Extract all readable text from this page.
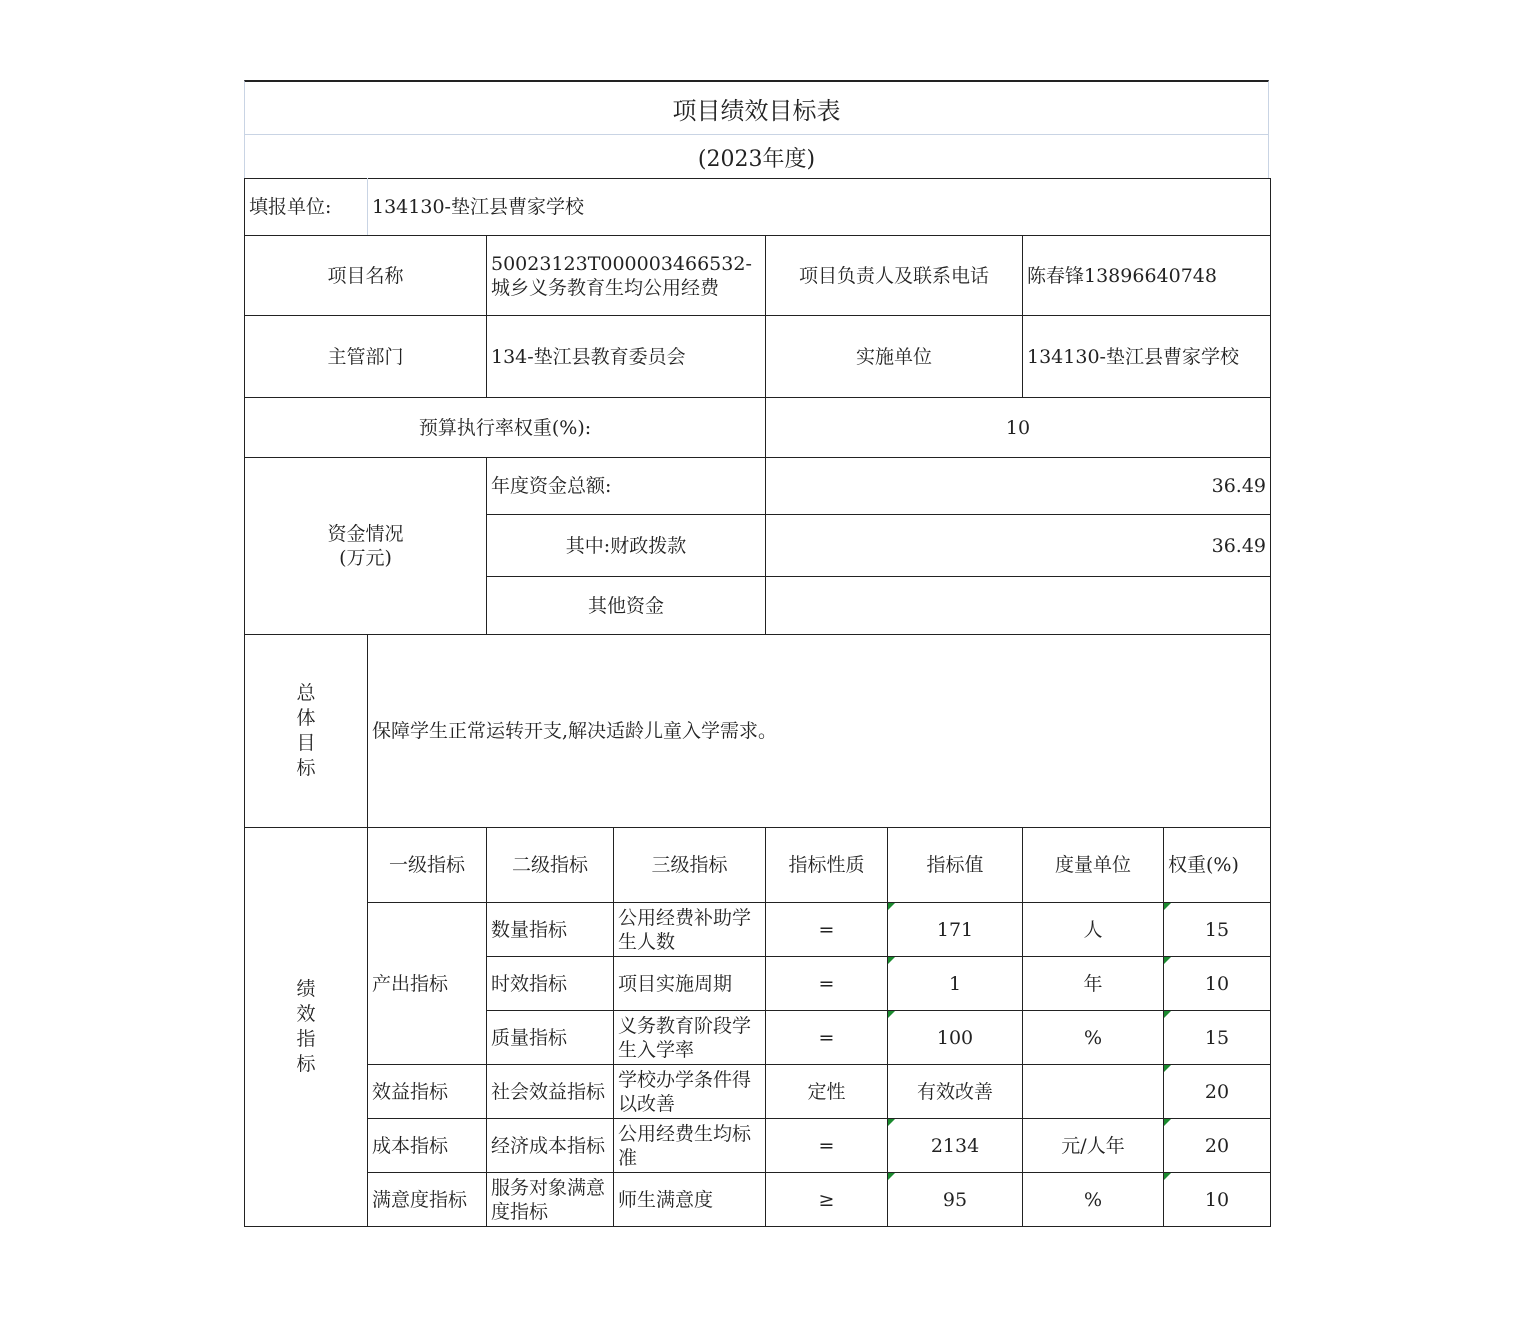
项目绩效目标表
(2023年度)
填报单位:	134130-垫江县曹家学校						
项目名称		50023123T000003466532-城乡义务教育生均公用经费		项目负责人及联系电话		陈春锋13896640748	
主管部门		134-垫江县教育委员会		实施单位		134130-垫江县曹家学校	
预算执行率权重(%):				10			

资金情况
(万元)		年度资金总额:		36.49			
		其中:财政拨款		36.49			
		其他资金					

总
体
目
标	保障学生正常运转开支,解决适龄儿童入学需求。						

绩
效
指
标	一级指标	二级指标	三级指标	指标性质	指标值	度量单位	权重(%)
	产出指标	数量指标	公用经费补助学生人数	=	171	人	15
		时效指标	项目实施周期	=	1	年	10
		质量指标	义务教育阶段学生入学率	=	100	%	15
	效益指标	社会效益指标	学校办学条件得以改善	定性	有效改善		20
	成本指标	经济成本指标	公用经费生均标准	=	2134	元/人年	20
	满意度指标	服务对象满意度指标	师生满意度	≥	95	%	10
